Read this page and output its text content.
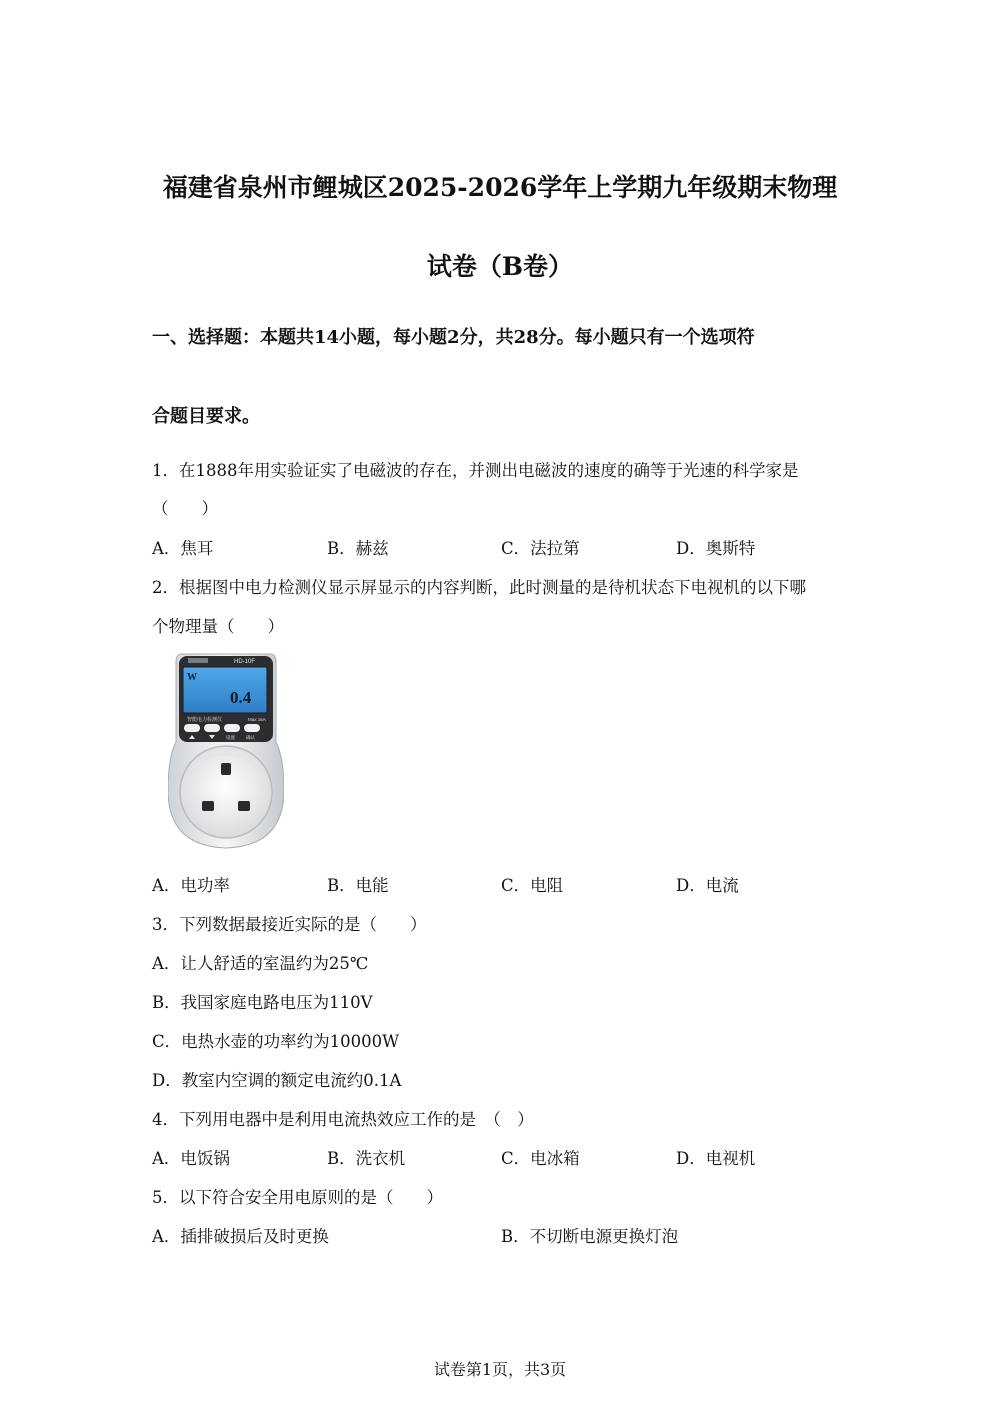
福建省泉州市鲤城区2025-2026学年上学期九年级期末物理
试卷（B卷）
一、选择题：本题共14小题，每小题2分，共28分。每小题只有一个选项符
合题目要求。
1．在1888年用实验证实了电磁波的存在，并测出电磁波的速度的确等于光速的科学家是
（　　）
A．焦耳	B．赫兹	C．法拉第	D．奥斯特
2．根据图中电力检测仪显示屏显示的内容判断，此时测量的是待机状态下电视机的以下哪
个物理量（　　）
HD-10F
W
0.4
智能电力检测仪	Max 16A
设置 确认
A．电功率	B．电能	C．电阻	D．电流
3．下列数据最接近实际的是（　　）
A．让人舒适的室温约为25℃
B．我国家庭电路电压为110V
C．电热水壶的功率约为10000W
D．教室内空调的额定电流约0.1A
4．下列用电器中是利用电流热效应工作的是　（　）
A．电饭锅	B．洗衣机	C．电冰箱	D．电视机
5．以下符合安全用电原则的是（　　）
A．插排破损后及时更换	B．不切断电源更换灯泡
试卷第1页，共3页
